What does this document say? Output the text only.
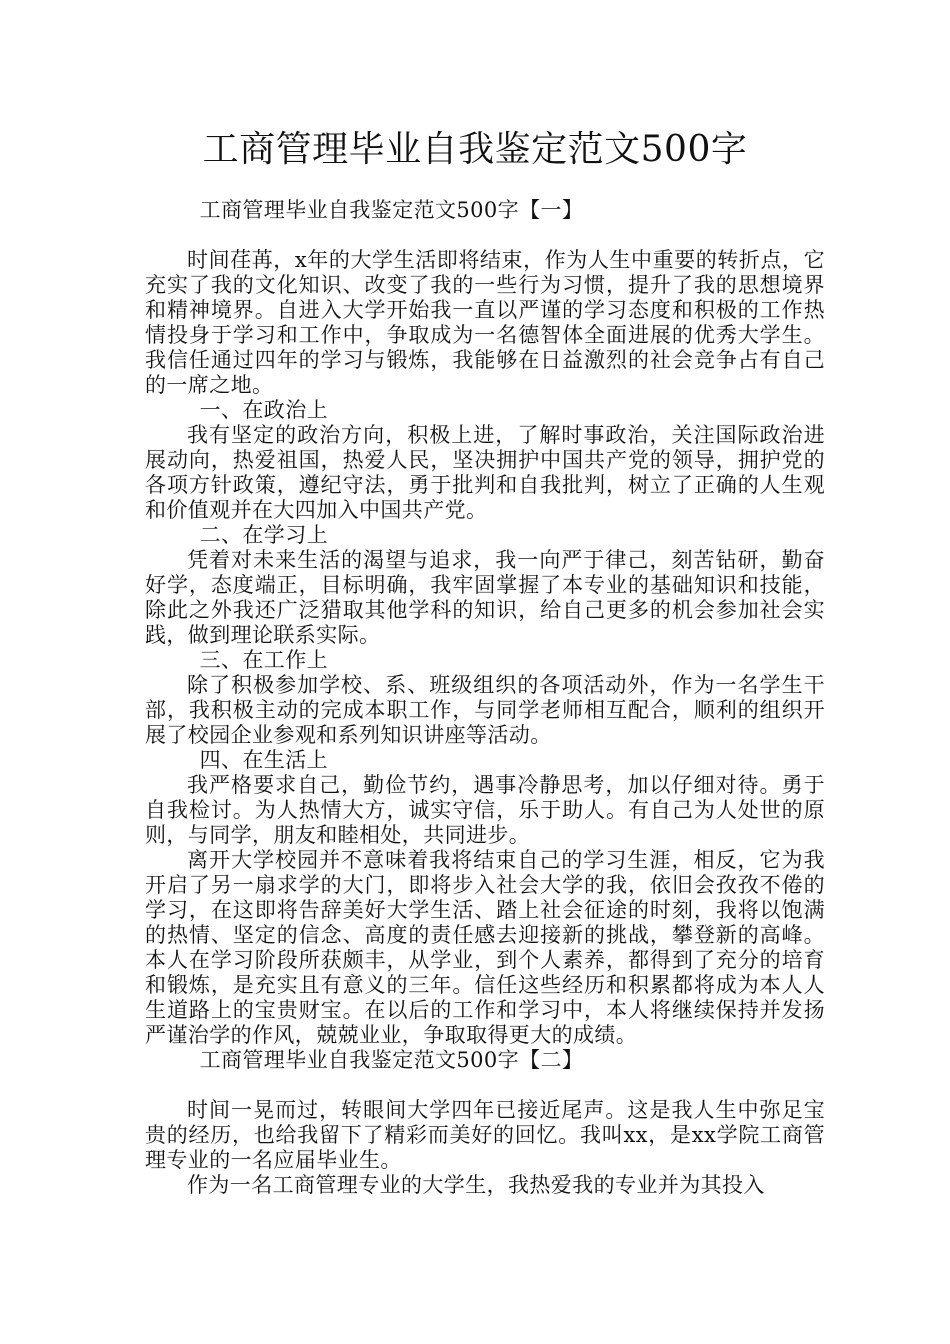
工商管理毕业自我鉴定范文500字

工商管理毕业自我鉴定范文500字【一】

时间荏苒，x年的大学生活即将结束，作为人生中重要的转折点，它充实了我的文化知识、改变了我的一些行为习惯，提升了我的思想境界和精神境界。自进入大学开始我一直以严谨的学习态度和积极的工作热情投身于学习和工作中，争取成为一名德智体全面进展的优秀大学生。我信任通过四年的学习与锻炼，我能够在日益激烈的社会竞争占有自己的一席之地。

一、在政治上

我有坚定的政治方向，积极上进，了解时事政治，关注国际政治进展动向，热爱祖国，热爱人民，坚决拥护中国共产党的领导，拥护党的各项方针政策，遵纪守法，勇于批判和自我批判，树立了正确的人生观和价值观并在大四加入中国共产党。

二、在学习上

凭着对未来生活的渴望与追求，我一向严于律己，刻苦钻研，勤奋好学，态度端正，目标明确，我牢固掌握了本专业的基础知识和技能，除此之外我还广泛猎取其他学科的知识，给自己更多的机会参加社会实践，做到理论联系实际。

三、在工作上

除了积极参加学校、系、班级组织的各项活动外，作为一名学生干部，我积极主动的完成本职工作，与同学老师相互配合，顺利的组织开展了校园企业参观和系列知识讲座等活动。

四、在生活上

我严格要求自己，勤俭节约，遇事冷静思考，加以仔细对待。勇于自我检讨。为人热情大方，诚实守信，乐于助人。有自己为人处世的原则，与同学，朋友和睦相处，共同进步。

离开大学校园并不意味着我将结束自己的学习生涯，相反，它为我开启了另一扇求学的大门，即将步入社会大学的我，依旧会孜孜不倦的学习，在这即将告辞美好大学生活、踏上社会征途的时刻，我将以饱满的热情、坚定的信念、高度的责任感去迎接新的挑战，攀登新的高峰。本人在学习阶段所获颇丰，从学业，到个人素养，都得到了充分的培育和锻炼，是充实且有意义的三年。信任这些经历和积累都将成为本人人生道路上的宝贵财宝。在以后的工作和学习中，本人将继续保持并发扬严谨治学的作风，兢兢业业，争取取得更大的成绩。

工商管理毕业自我鉴定范文500字【二】

时间一晃而过，转眼间大学四年已接近尾声。这是我人生中弥足宝贵的经历，也给我留下了精彩而美好的回忆。我叫xx，是xx学院工商管理专业的一名应届毕业生。

作为一名工商管理专业的大学生，我热爱我的专业并为其投入
